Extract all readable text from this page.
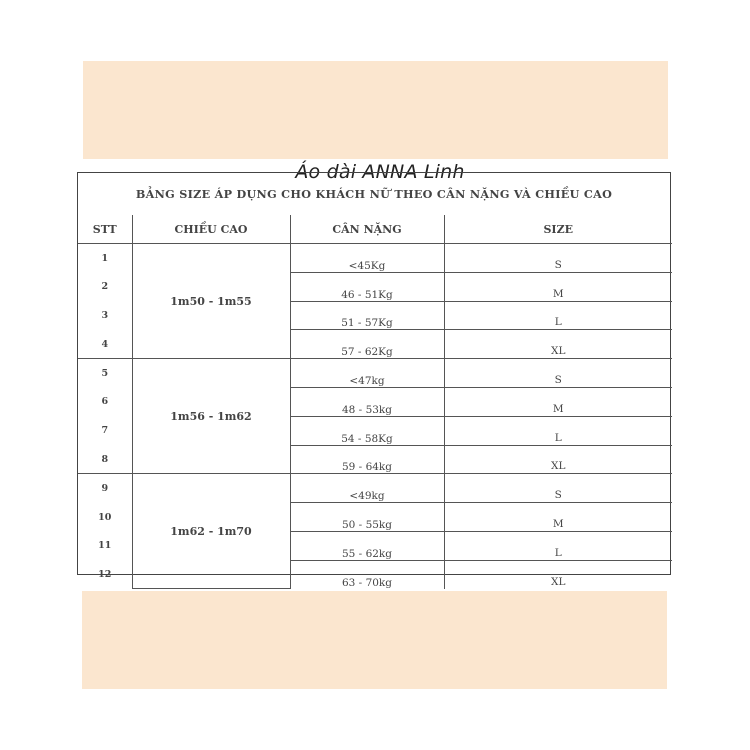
Áo dài ANNA Linh
BẢNG SIZE ÁP DỤNG CHO KHÁCH NỮ THEO CÂN NẶNG VÀ CHIỀU CAO
STT	CHIỀU CAO	CÂN NẶNG	SIZE
1	1m50 - 1m55	<45Kg	S
2		46 - 51Kg	M
3		51 - 57Kg	L
4		57 - 62Kg	XL
5	1m56 - 1m62	<47kg	S
6		48 - 53kg	M
7		54 - 58Kg	L
8		59 - 64kg	XL
9	1m62 - 1m70	<49kg	S
10		50 - 55kg	M
11		55 - 62kg	L
12		63 - 70kg	XL
